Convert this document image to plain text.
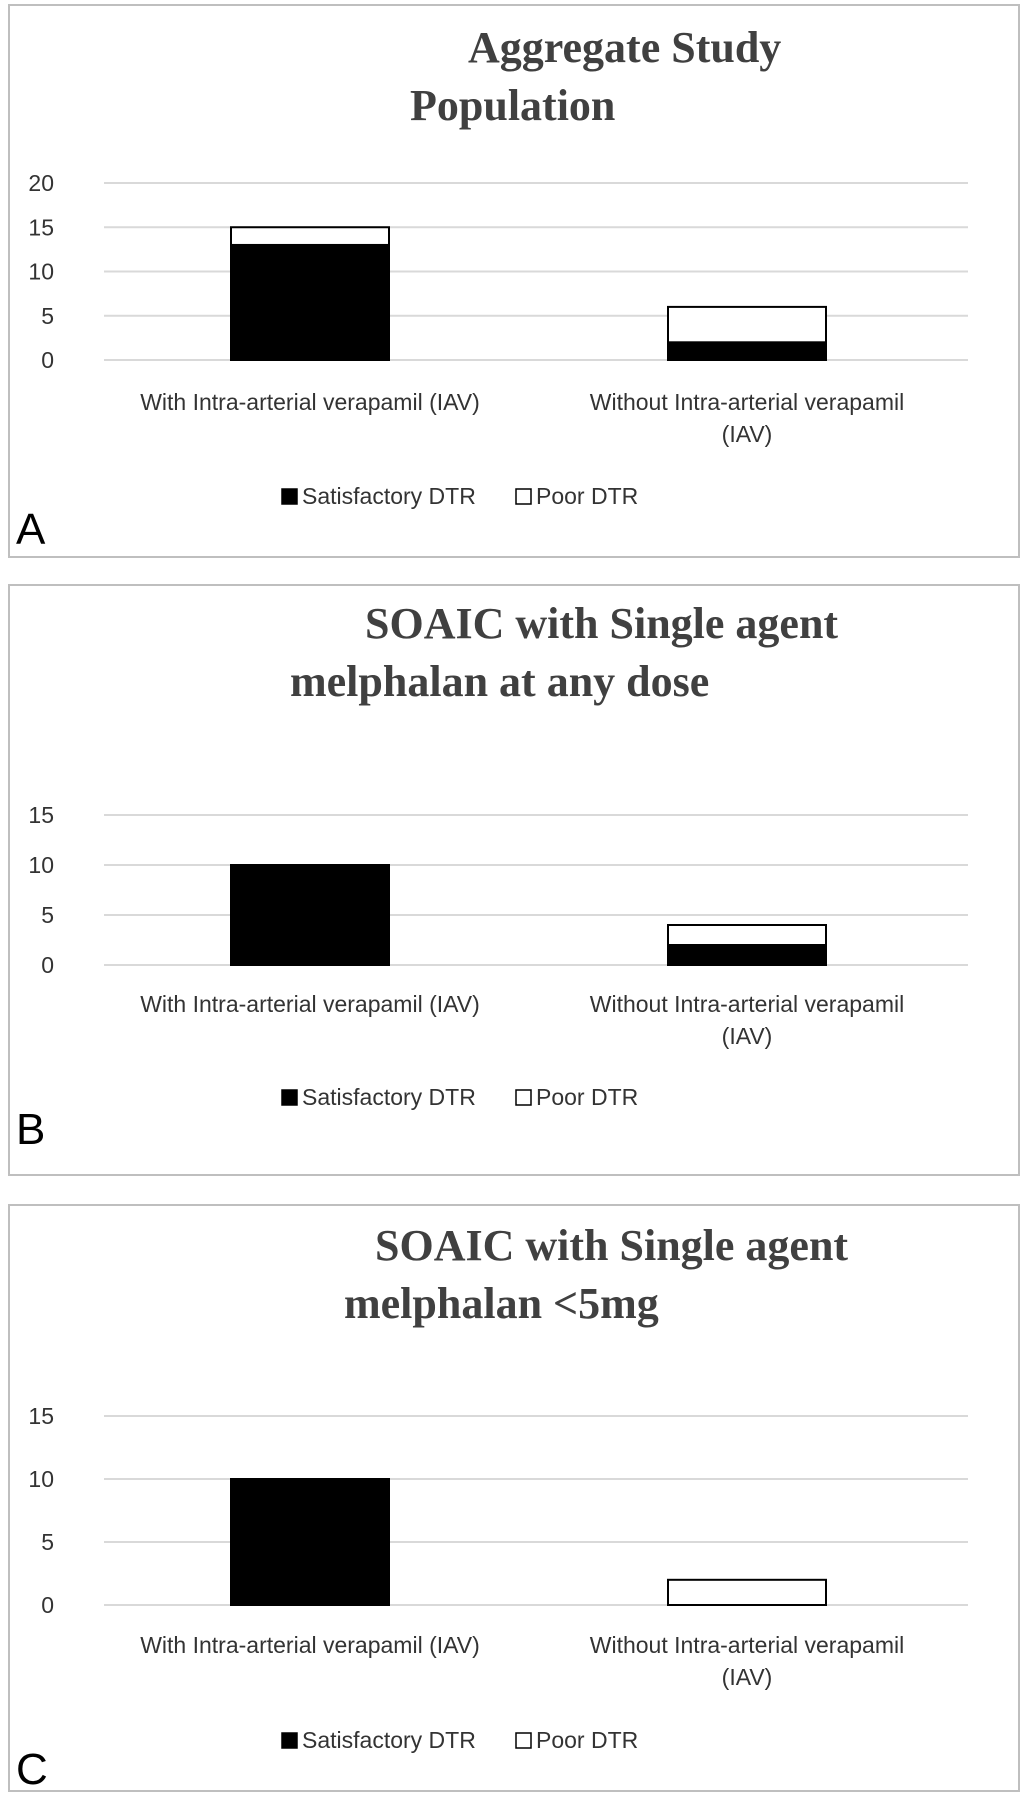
Aggregate Study
Population
0
5
10
15
20
With Intra-arterial verapamil (IAV)	Without Intra-arterial verapamil
(IAV)
Satisfactory DTR	Poor DTR
A
SOAIC with Single agent
melphalan at any dose
0
5
10
15
With Intra-arterial verapamil (IAV)	Without Intra-arterial verapamil
(IAV)
Satisfactory DTR	Poor DTR
B
SOAIC with Single agent
melphalan <5mg
0
5
10
15
With Intra-arterial verapamil (IAV)	Without Intra-arterial verapamil
(IAV)
Satisfactory DTR	Poor DTR
C
